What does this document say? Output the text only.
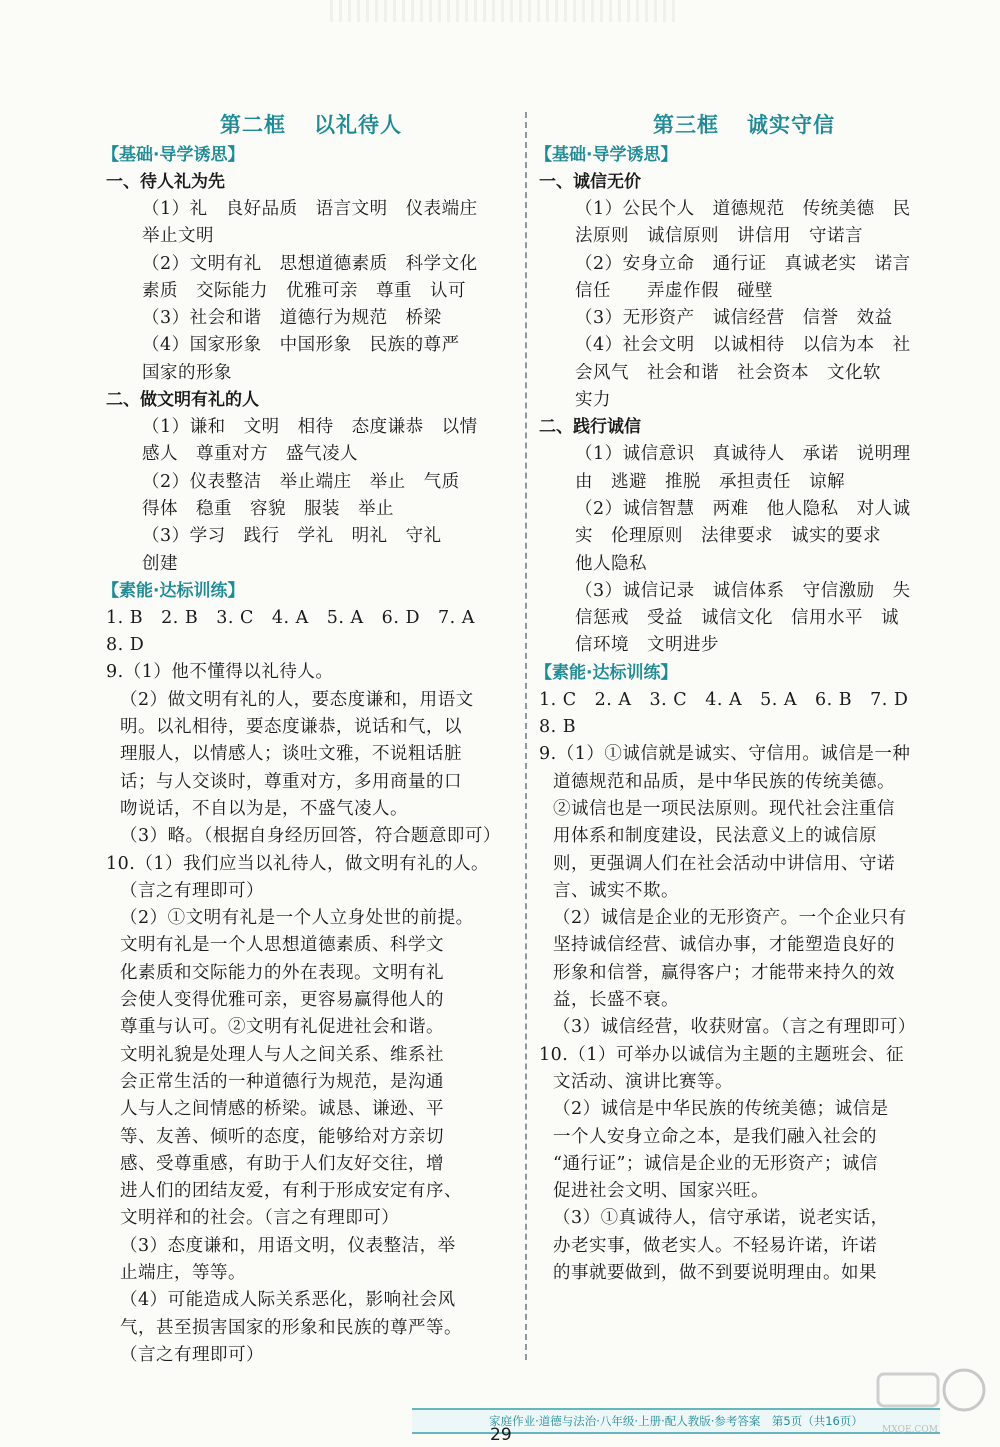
第二框 以礼待人
【基础·导学诱思】
一、待人礼为先
（1）礼　良好品质　语言文明　仪表端庄
举止文明
（2）文明有礼　思想道德素质　科学文化
素质　交际能力　优雅可亲　尊重　认可
（3）社会和谐　道德行为规范　桥梁
（4）国家形象　中国形象　民族的尊严
国家的形象
二、做文明有礼的人
（1）谦和　文明　相待　态度谦恭　以情
感人　尊重对方　盛气凌人
（2）仪表整洁　举止端庄　举止　气质
得体　稳重　容貌　服装　举止
（3）学习　践行　学礼　明礼　守礼
创建
【素能·达标训练】
1. B　2. B　3. C　4. A　5. A　6. D　7. A
8. D
9.（1）他不懂得以礼待人。
（2）做文明有礼的人，要态度谦和，用语文
明。以礼相待，要态度谦恭，说话和气，以
理服人，以情感人；谈吐文雅，不说粗话脏
话；与人交谈时，尊重对方，多用商量的口
吻说话，不自以为是，不盛气凌人。
（3）略。（根据自身经历回答，符合题意即可）
10.（1）我们应当以礼待人，做文明有礼的人。
（言之有理即可）
（2）①文明有礼是一个人立身处世的前提。
文明有礼是一个人思想道德素质、科学文
化素质和交际能力的外在表现。文明有礼
会使人变得优雅可亲，更容易赢得他人的
尊重与认可。②文明有礼促进社会和谐。
文明礼貌是处理人与人之间关系、维系社
会正常生活的一种道德行为规范，是沟通
人与人之间情感的桥梁。诚恳、谦逊、平
等、友善、倾听的态度，能够给对方亲切
感、受尊重感，有助于人们友好交往，增
进人们的团结友爱，有利于形成安定有序、
文明祥和的社会。（言之有理即可）
（3）态度谦和，用语文明，仪表整洁，举
止端庄，等等。
（4）可能造成人际关系恶化，影响社会风
气，甚至损害国家的形象和民族的尊严等。
（言之有理即可）
第三框 诚实守信
【基础·导学诱思】
一、诚信无价
（1）公民个人　道德规范　传统美德　民
法原则　诚信原则　讲信用　守诺言
（2）安身立命　通行证　真诚老实　诺言
信任　　弄虚作假　碰壁
（3）无形资产　诚信经营　信誉　效益
（4）社会文明　以诚相待　以信为本　社
会风气　社会和谐　社会资本　文化软
实力
二、践行诚信
（1）诚信意识　真诚待人　承诺　说明理
由　逃避　推脱　承担责任　谅解
（2）诚信智慧　两难　他人隐私　对人诚
实　伦理原则　法律要求　诚实的要求
他人隐私
（3）诚信记录　诚信体系　守信激励　失
信惩戒　受益　诚信文化　信用水平　诚
信环境　文明进步
【素能·达标训练】
1. C　2. A　3. C　4. A　5. A　6. B　7. D
8. B
9.（1）①诚信就是诚实、守信用。诚信是一种
道德规范和品质，是中华民族的传统美德。
②诚信也是一项民法原则。现代社会注重信
用体系和制度建设，民法意义上的诚信原
则，更强调人们在社会活动中讲信用、守诺
言、诚实不欺。
（2）诚信是企业的无形资产。一个企业只有
坚持诚信经营、诚信办事，才能塑造良好的
形象和信誉，赢得客户；才能带来持久的效
益，长盛不衰。
（3）诚信经营，收获财富。（言之有理即可）
10.（1）可举办以诚信为主题的主题班会、征
文活动、演讲比赛等。
（2）诚信是中华民族的传统美德；诚信是
一个人安身立命之本，是我们融入社会的
“通行证”；诚信是企业的无形资产；诚信
促进社会文明、国家兴旺。
（3）①真诚待人，信守承诺，说老实话，
办老实事，做老实人。不轻易许诺，许诺
的事就要做到，做不到要说明理由。如果
家庭作业·道德与法治·八年级·上册·配人教版·参考答案　第5页（共16页）
29	MXQE.COM
